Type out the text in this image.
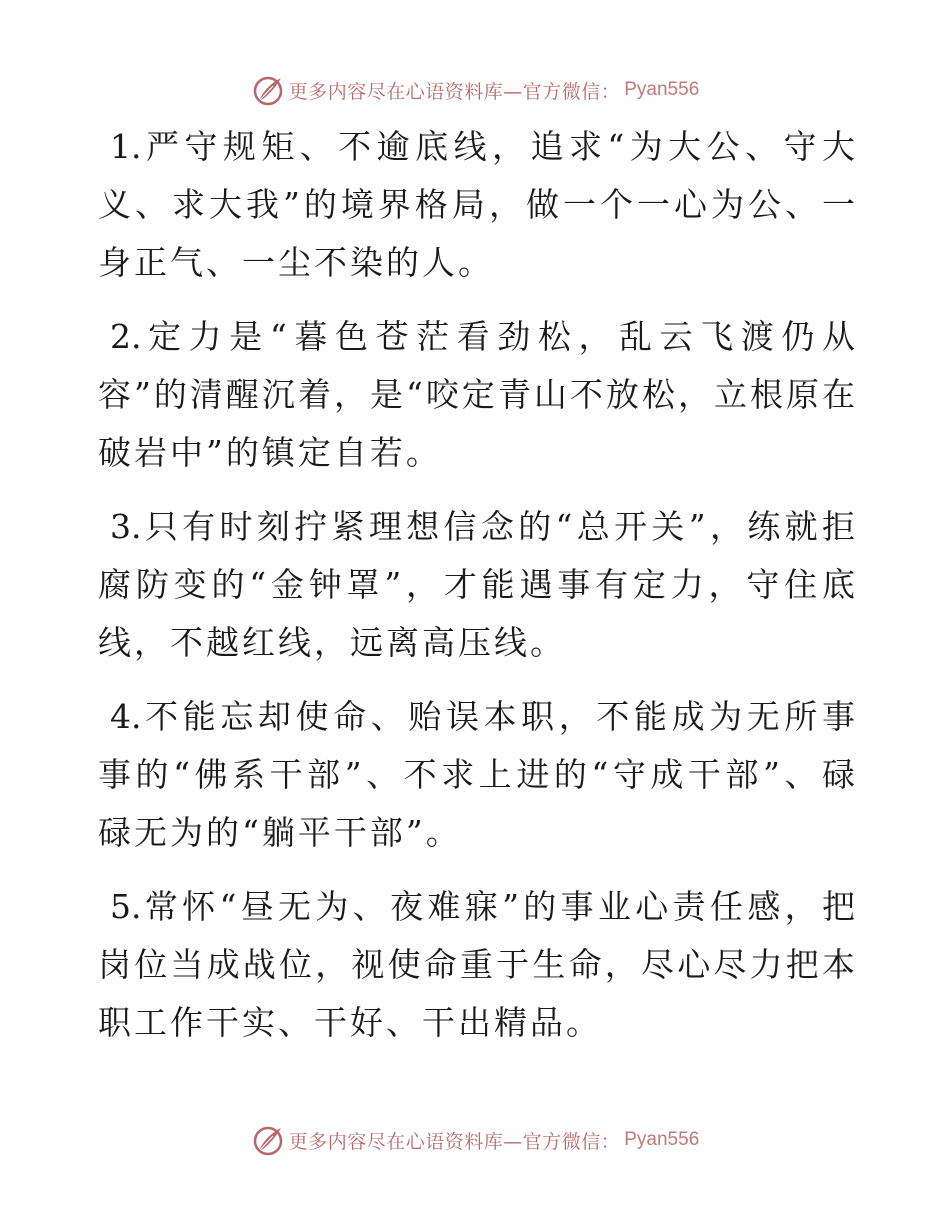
更多内容尽在心语资料库—官方微信： Pyan556

1.严守规矩、不逾底线，追求“为大公、守大义、求大我”的境界格局，做一个一心为公、一身正气、一尘不染的人。

2.定力是“暮色苍茫看劲松，乱云飞渡仍从容”的清醒沉着，是“咬定青山不放松，立根原在破岩中”的镇定自若。

3.只有时刻拧紧理想信念的“总开关”，练就拒腐防变的“金钟罩”，才能遇事有定力，守住底线，不越红线，远离高压线。

4.不能忘却使命、贻误本职，不能成为无所事事的“佛系干部”、不求上进的“守成干部”、碌碌无为的“躺平干部”。

5.常怀“昼无为、夜难寐”的事业心责任感，把岗位当成战位，视使命重于生命，尽心尽力把本职工作干实、干好、干出精品。

更多内容尽在心语资料库—官方微信： Pyan556
